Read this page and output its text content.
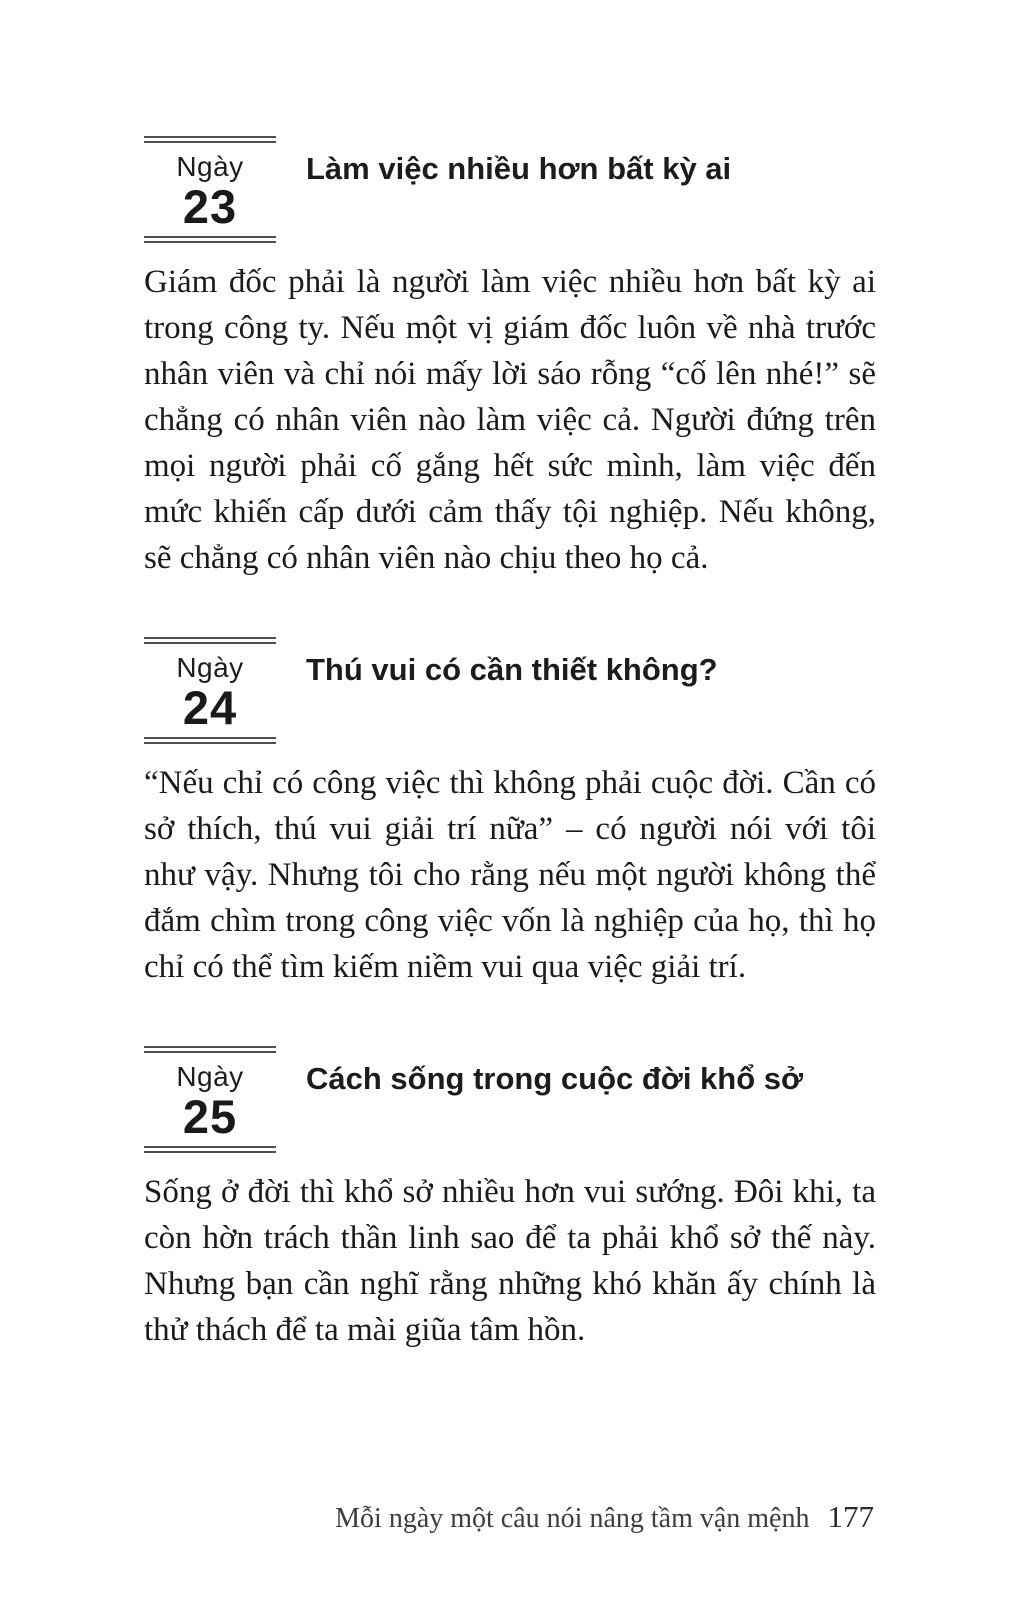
Ngày
23
Làm việc nhiều hơn bất kỳ ai

Giám đốc phải là người làm việc nhiều hơn bất kỳ ai trong công ty. Nếu một vị giám đốc luôn về nhà trước nhân viên và chỉ nói mấy lời sáo rỗng “cố lên nhé!” sẽ chẳng có nhân viên nào làm việc cả. Người đứng trên mọi người phải cố gắng hết sức mình, làm việc đến mức khiến cấp dưới cảm thấy tội nghiệp. Nếu không, sẽ chẳng có nhân viên nào chịu theo họ cả.

Ngày
24
Thú vui có cần thiết không?

“Nếu chỉ có công việc thì không phải cuộc đời. Cần có sở thích, thú vui giải trí nữa” – có người nói với tôi như vậy. Nhưng tôi cho rằng nếu một người không thể đắm chìm trong công việc vốn là nghiệp của họ, thì họ chỉ có thể tìm kiếm niềm vui qua việc giải trí.

Ngày
25
Cách sống trong cuộc đời khổ sở

Sống ở đời thì khổ sở nhiều hơn vui sướng. Đôi khi, ta còn hờn trách thần linh sao để ta phải khổ sở thế này. Nhưng bạn cần nghĩ rằng những khó khăn ấy chính là thử thách để ta mài giũa tâm hồn.

Mỗi ngày một câu nói nâng tầm vận mệnh 177
